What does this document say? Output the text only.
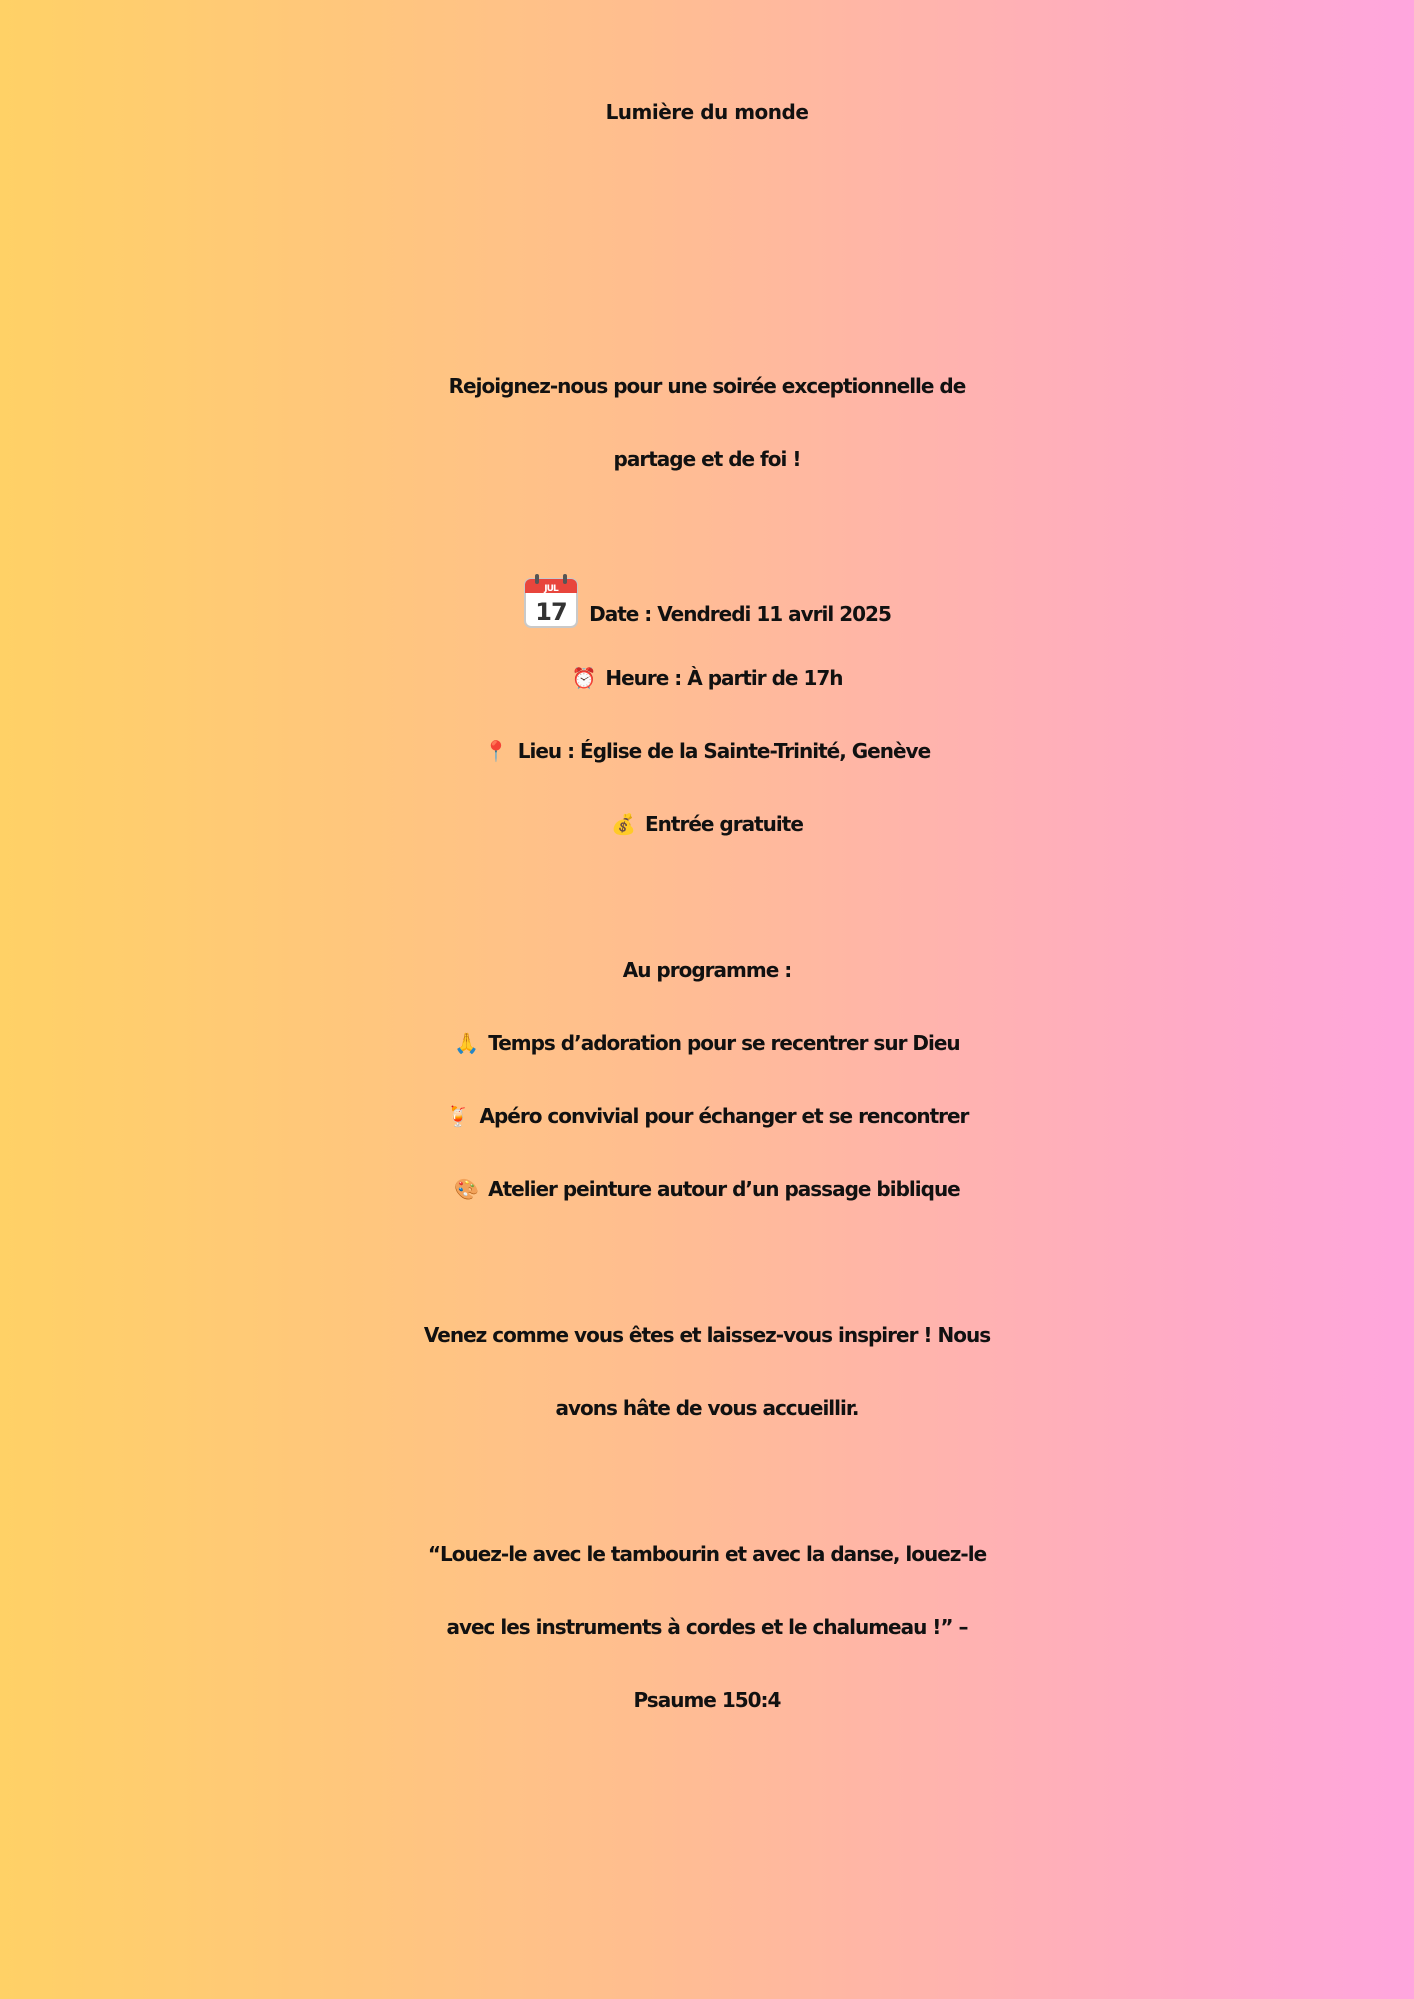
Lumière du monde
Rejoignez-nous pour une soirée exceptionnelle de
partage et de foi !
JUL
17 Date : Vendredi 11 avril 2025
⏰ Heure : À partir de 17h
📍 Lieu : Église de la Sainte-Trinité, Genève
💰 Entrée gratuite
Au programme :
🙏 Temps d’adoration pour se recentrer sur Dieu
🍹 Apéro convivial pour échanger et se rencontrer
🎨 Atelier peinture autour d’un passage biblique
Venez comme vous êtes et laissez-vous inspirer ! Nous
avons hâte de vous accueillir.
“Louez-le avec le tambourin et avec la danse, louez-le
avec les instruments à cordes et le chalumeau !” –
Psaume 150:4
